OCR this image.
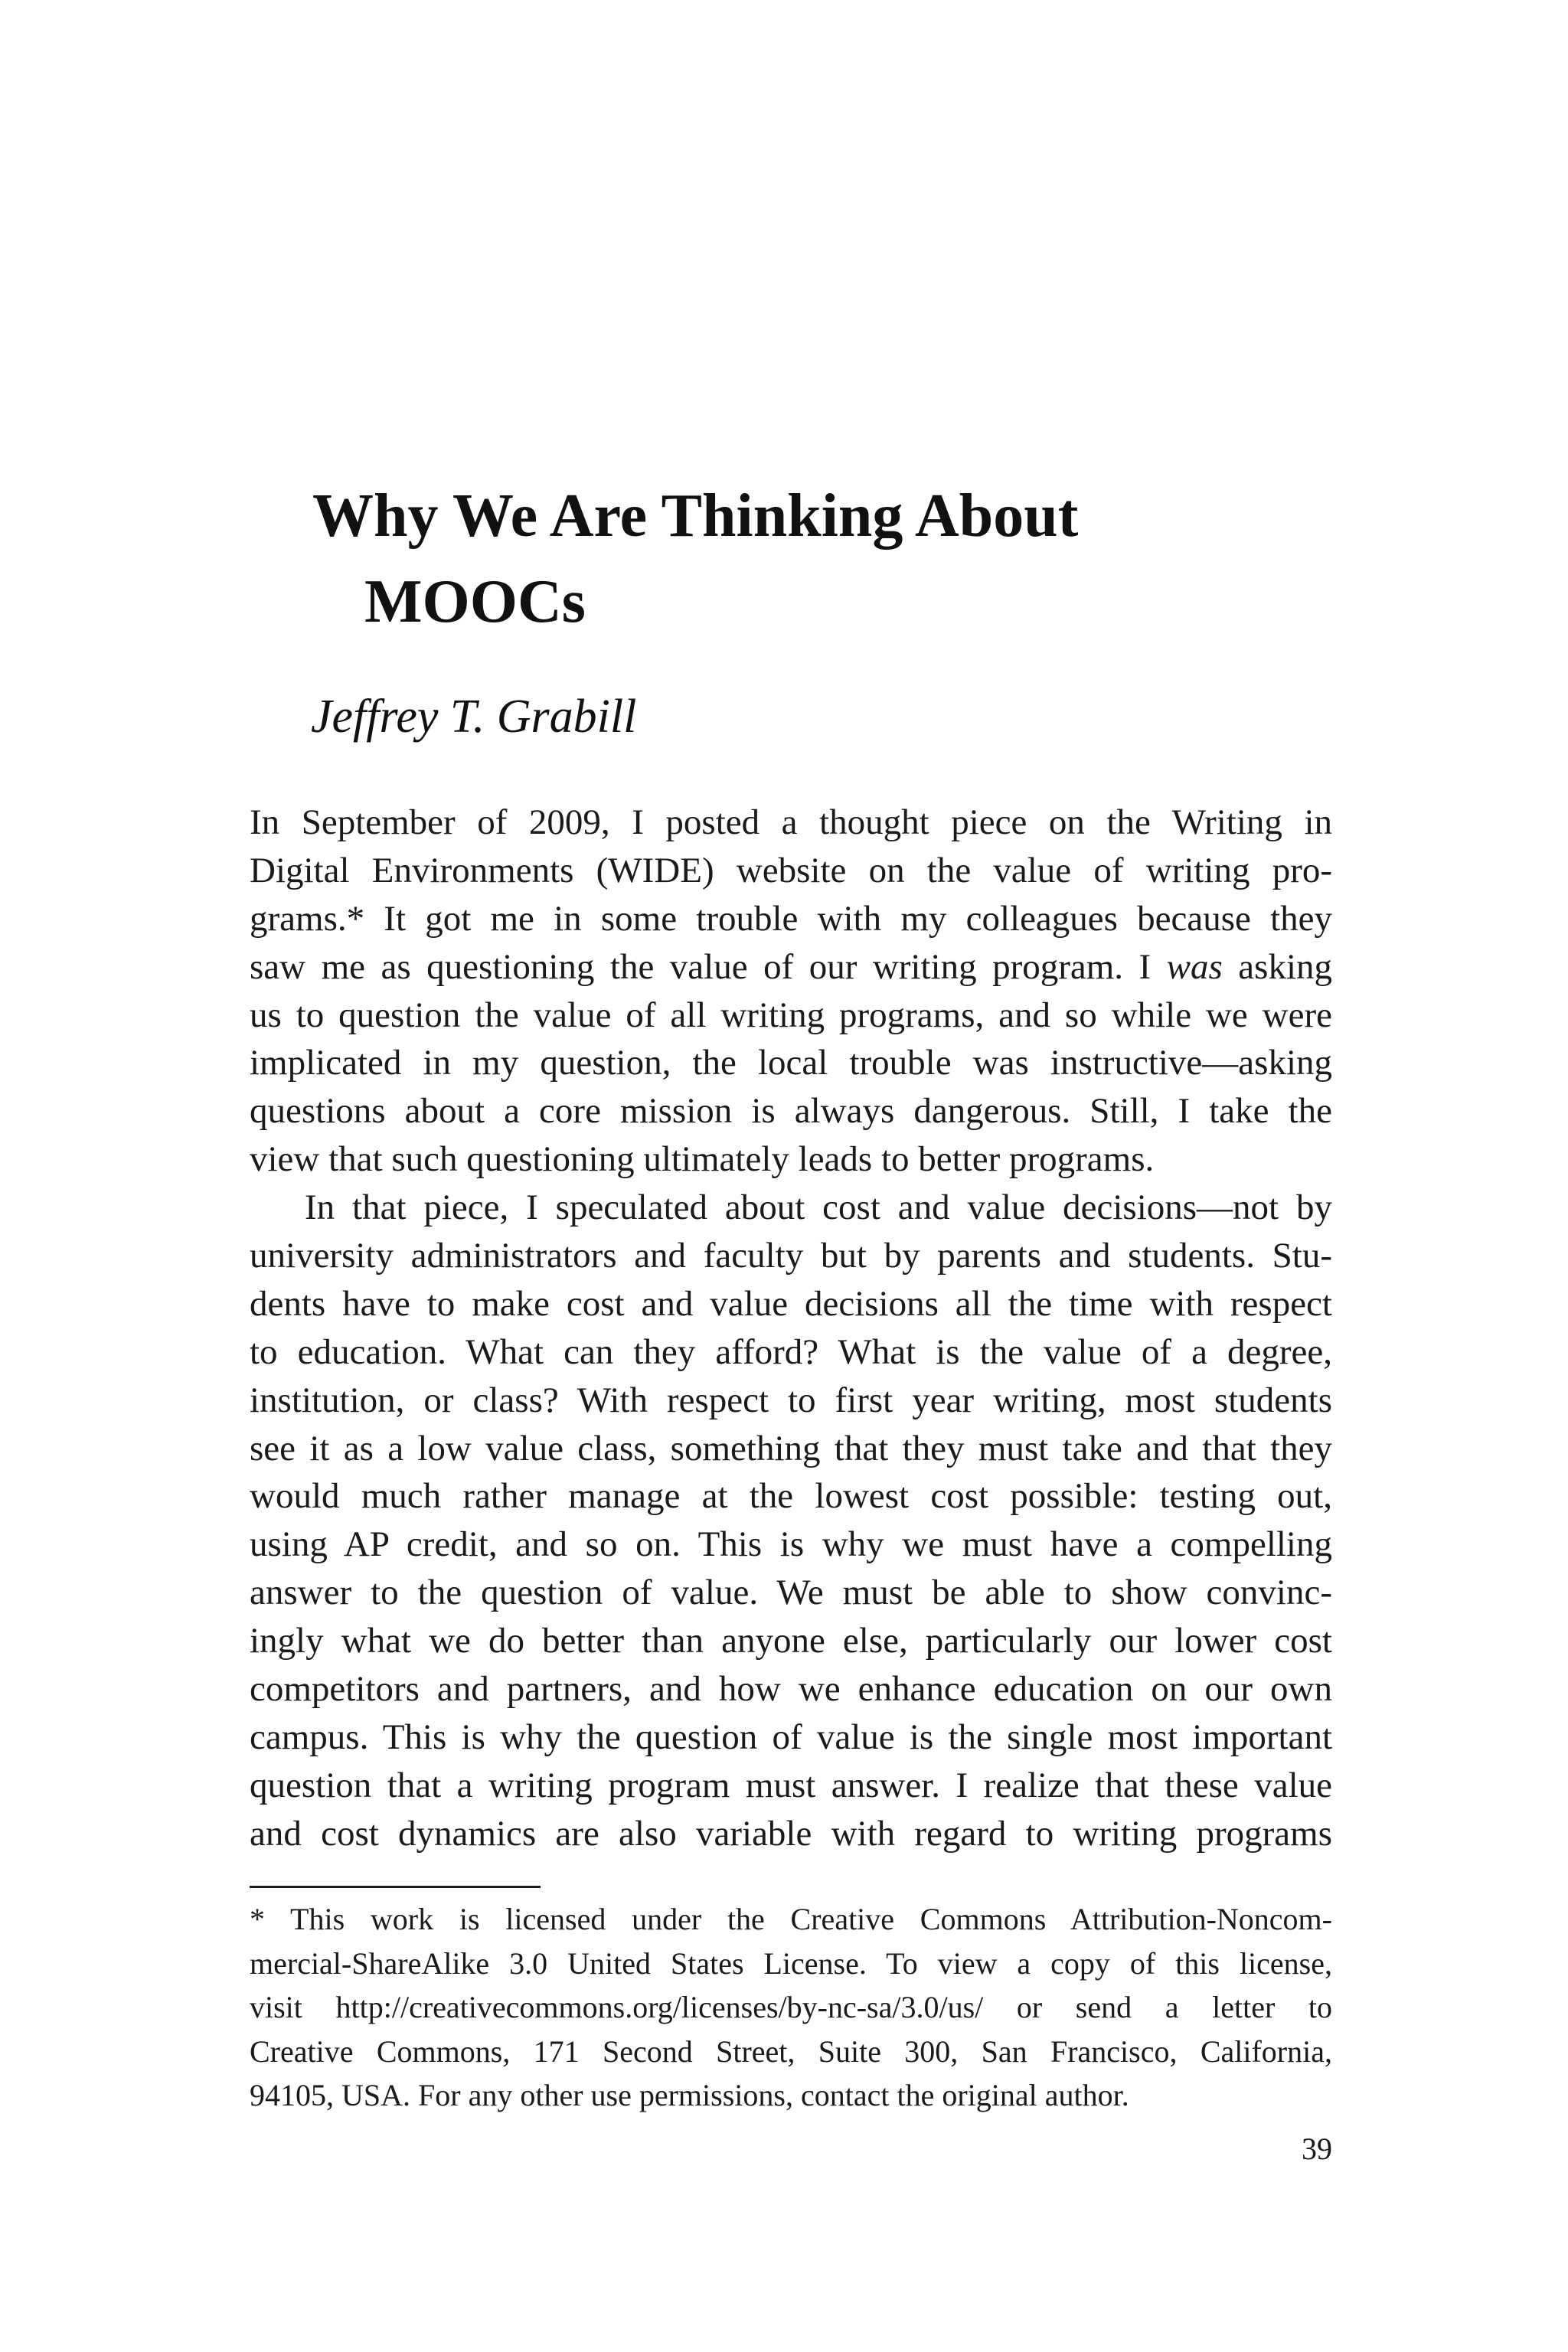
Why We Are Thinking About
MOOCs

Jeffrey T. Grabill

In September of 2009, I posted a thought piece on the Writing in
Digital Environments (WIDE) website on the value of writing pro-
grams.* It got me in some trouble with my colleagues because they
saw me as questioning the value of our writing program. I was asking
us to question the value of all writing programs, and so while we were
implicated in my question, the local trouble was instructive—asking
questions about a core mission is always dangerous. Still, I take the
view that such questioning ultimately leads to better programs.
In that piece, I speculated about cost and value decisions—not by
university administrators and faculty but by parents and students. Stu-
dents have to make cost and value decisions all the time with respect
to education. What can they afford? What is the value of a degree,
institution, or class? With respect to first year writing, most students
see it as a low value class, something that they must take and that they
would much rather manage at the lowest cost possible: testing out,
using AP credit, and so on. This is why we must have a compelling
answer to the question of value. We must be able to show convinc-
ingly what we do better than anyone else, particularly our lower cost
competitors and partners, and how we enhance education on our own
campus. This is why the question of value is the single most important
question that a writing program must answer. I realize that these value
and cost dynamics are also variable with regard to writing programs
* This work is licensed under the Creative Commons Attribution-Noncom-
mercial-ShareAlike 3.0 United States License. To view a copy of this license,
visit http://creativecommons.org/licenses/by-nc-sa/3.0/us/ or send a letter to
Creative Commons, 171 Second Street, Suite 300, San Francisco, California,
94105, USA. For any other use permissions, contact the original author.
39
